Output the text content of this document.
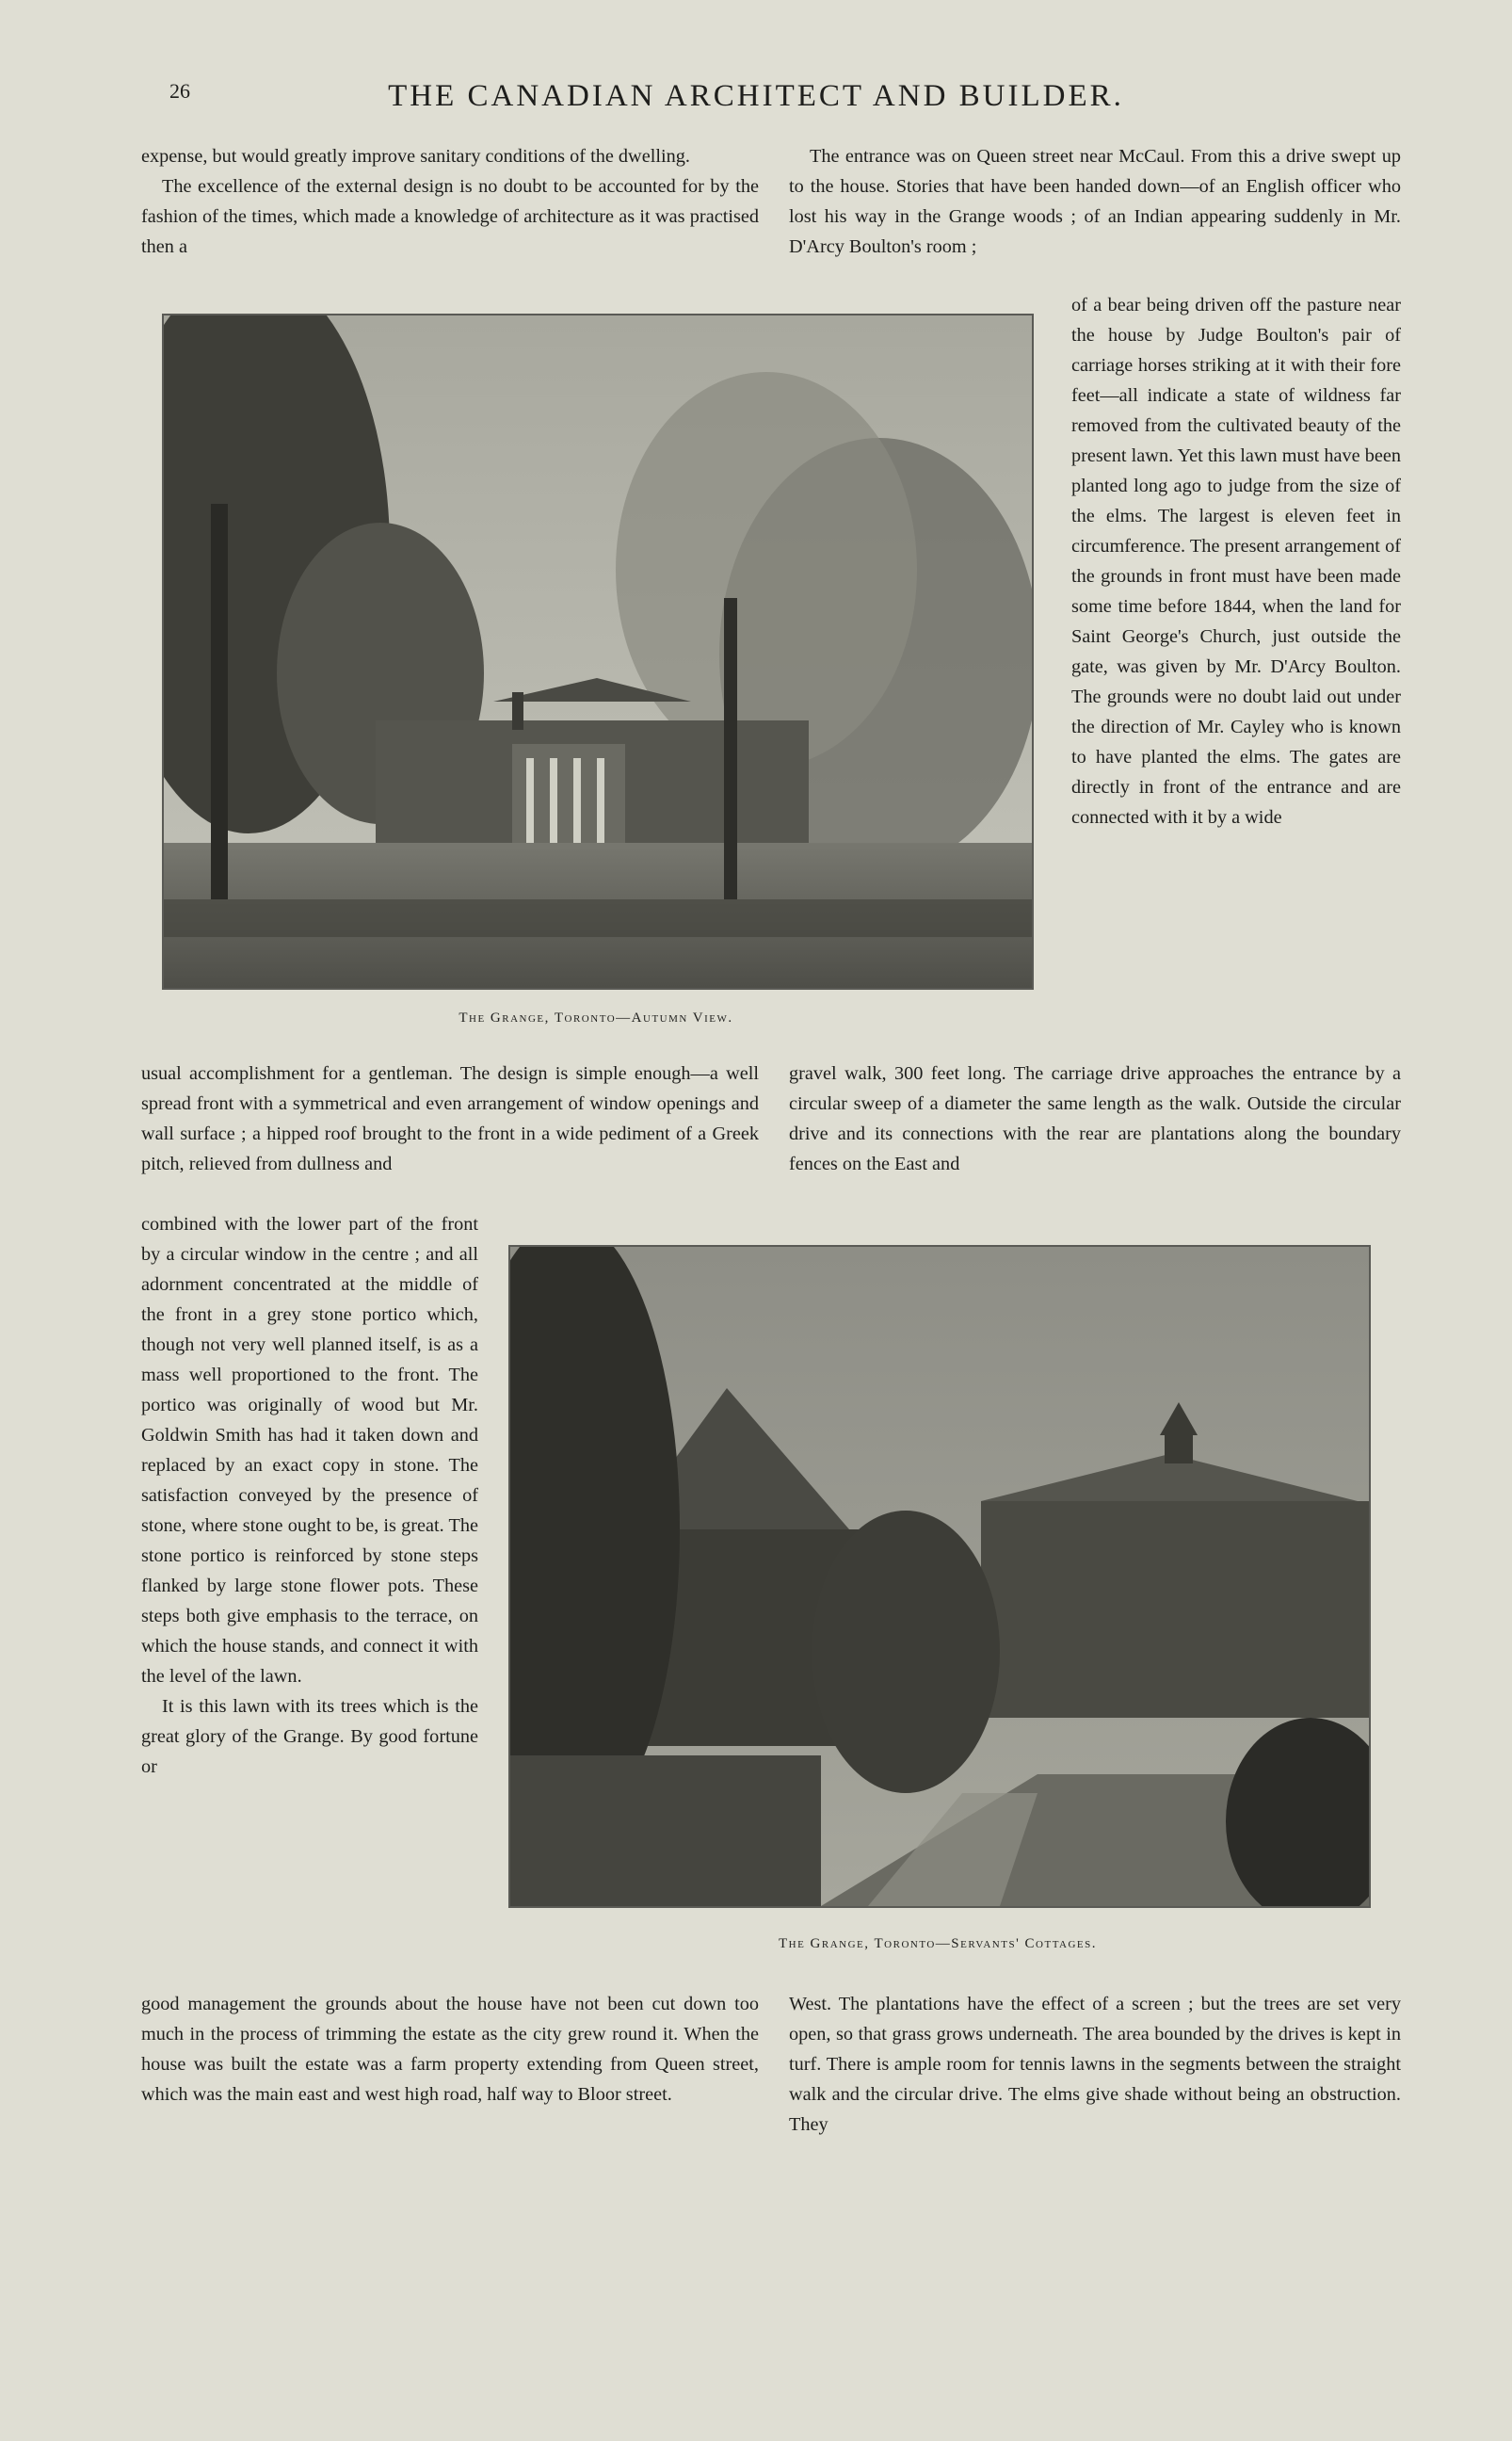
26	THE CANADIAN ARCHITECT AND BUILDER.

expense, but would greatly improve sanitary conditions of the dwelling.

The excellence of the external design is no doubt to be accounted for by the fashion of the times, which made a knowledge of architecture as it was practised then a

The entrance was on Queen street near McCaul. From this a drive swept up to the house. Stories that have been handed down—of an English officer who lost his way in the Grange woods ; of an Indian appearing suddenly in Mr. D'Arcy Boulton's room ;

of a bear being driven off the pasture near the house by Judge Boulton's pair of carriage horses striking at it with their fore feet—all indicate a state of wildness far removed from the cultivated beauty of the present lawn. Yet this lawn must have been planted long ago to judge from the size of the elms. The largest is eleven feet in circumference. The present arrangement of the grounds in front must have been made some time before 1844, when the land for Saint George's Church, just outside the gate, was given by Mr. D'Arcy Boulton. The grounds were no doubt laid out under the direction of Mr. Cayley who is known to have planted the elms. The gates are directly in front of the entrance and are connected with it by a wide

The Grange, Toronto—Autumn View.

usual accomplishment for a gentleman. The design is simple enough—a well spread front with a symmetrical and even arrangement of window openings and wall surface ; a hipped roof brought to the front in a wide pediment of a Greek pitch, relieved from dullness and

gravel walk, 300 feet long. The carriage drive approaches the entrance by a circular sweep of a diameter the same length as the walk. Outside the circular drive and its connections with the rear are plantations along the boundary fences on the East and

combined with the lower part of the front by a circular window in the centre ; and all adornment concentrated at the middle of the front in a grey stone portico which, though not very well planned itself, is as a mass well proportioned to the front. The portico was originally of wood but Mr. Goldwin Smith has had it taken down and replaced by an exact copy in stone. The satisfaction conveyed by the presence of stone, where stone ought to be, is great. The stone portico is reinforced by stone steps flanked by large stone flower pots. These steps both give emphasis to the terrace, on which the house stands, and connect it with the level of the lawn.

It is this lawn with its trees which is the great glory of the Grange. By good fortune or

The Grange, Toronto—Servants' Cottages.

good management the grounds about the house have not been cut down too much in the process of trimming the estate as the city grew round it. When the house was built the estate was a farm property extending from Queen street, which was the main east and west high road, half way to Bloor street.

West. The plantations have the effect of a screen ; but the trees are set very open, so that grass grows underneath. The area bounded by the drives is kept in turf. There is ample room for tennis lawns in the segments between the straight walk and the circular drive. The elms give shade without being an obstruction. They
